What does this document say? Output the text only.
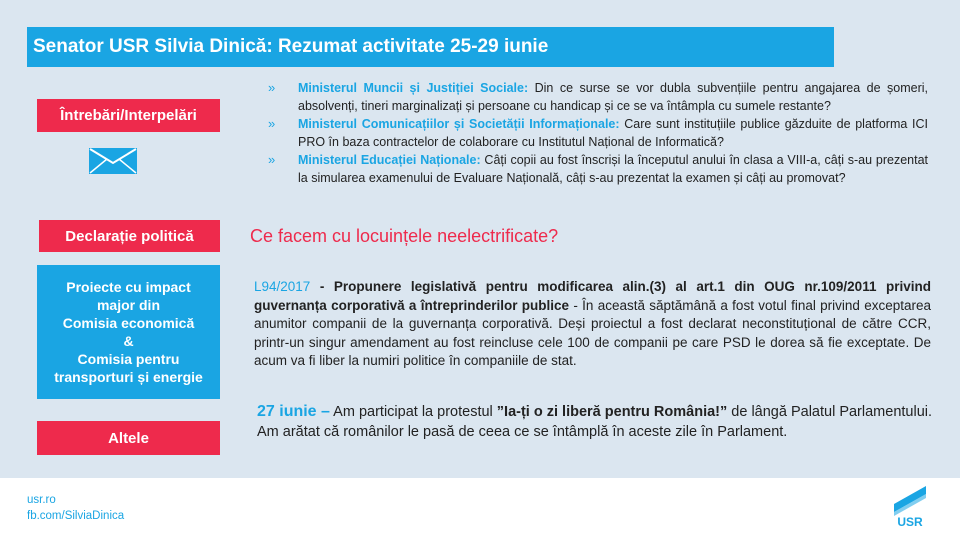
Senator USR Silvia Dinică: Rezumat activitate 25-29 iunie
Întrebări/Interpelări
Declarație politică
Proiecte cu impact
major din
Comisia economică
&
Comisia pentru
transporturi și energie
Altele
» Ministerul Muncii și Justiției Sociale: Din ce surse se vor dubla subvențiile pentru angajarea de șomeri, absolvenți, tineri marginalizați și persoane cu handicap și ce se va întâmpla cu sumele restante?
» Ministerul Comunicațiilor și Societății Informaționale: Care sunt instituțiile publice găzduite de platforma ICI PRO în baza contractelor de colaborare cu Institutul Național de Informatică?
» Ministerul Educației Naționale: Câți copii au fost înscriși la începutul anului în clasa a VIII-a, câți s-au prezentat la simularea examenului de Evaluare Națională, câți s-au prezentat la examen și câți au promovat?
Ce facem cu locuințele neelectrificate?
L94/2017 - Propunere legislativă pentru modificarea alin.(3) al art.1 din OUG nr.109/2011 privind guvernanța corporativă a întreprinderilor publice - În această săptămână a fost votul final privind exceptarea anumitor companii de la guvernanța corporativă. Deși proiectul a fost declarat neconstituțional de către CCR, printr-un singur amendament au fost reincluse cele 100 de companii pe care PSD le dorea să fie exceptate. De acum va fi liber la numiri politice în companiile de stat.
27 iunie – Am participat la protestul ”Ia-ți o zi liberă pentru România!” de lângă Palatul Parlamentului. Am arătat că românilor le pasă de ceea ce se întâmplă în aceste zile în Parlament.
usr.ro
fb.com/SilviaDinica	USR
